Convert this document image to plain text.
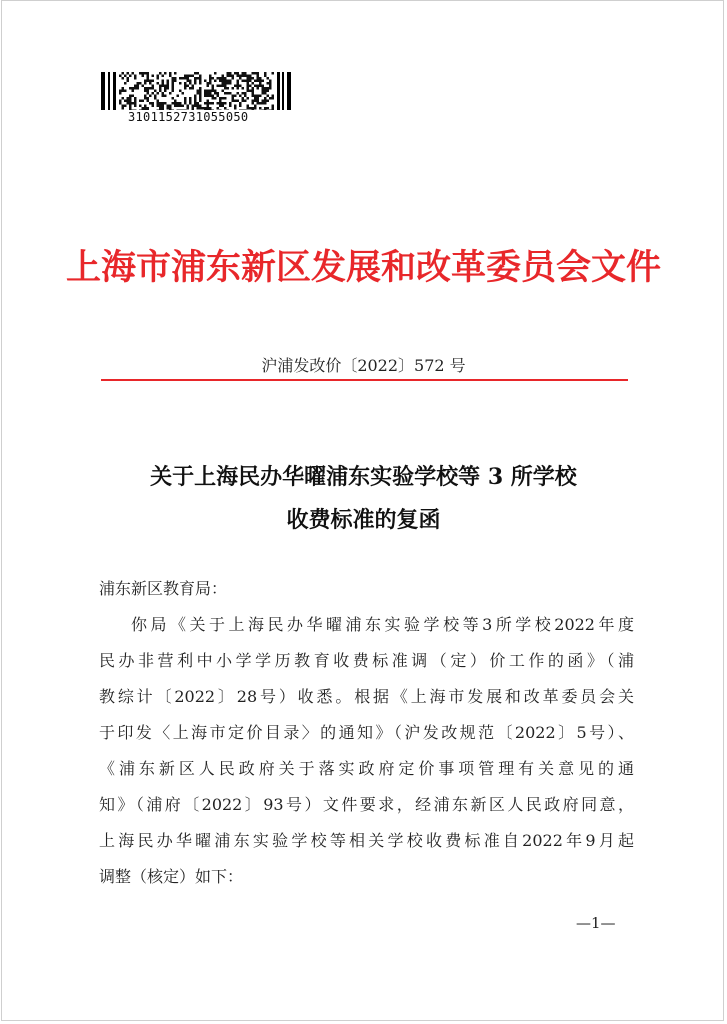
3101152731055050
上海市浦东新区发展和改革委员会文件
沪浦发改价〔2022〕572 号
关于上海民办华曜浦东实验学校等 3 所学校
收费标准的复函
浦东新区教育局：
你局《关于上海民办华曜浦东实验学校等3所学校2022年度
民办非营利中小学学历教育收费标准调（定）价工作的函》（浦
教综计〔2022〕28号）收悉。根据《上海市发展和改革委员会关
于印发〈上海市定价目录〉的通知》（沪发改规范〔2022〕5号）、
《浦东新区人民政府关于落实政府定价事项管理有关意见的通
知》（浦府〔2022〕93号）文件要求，经浦东新区人民政府同意，
上海民办华曜浦东实验学校等相关学校收费标准自2022年9月起
调整（核定）如下：
—1—
